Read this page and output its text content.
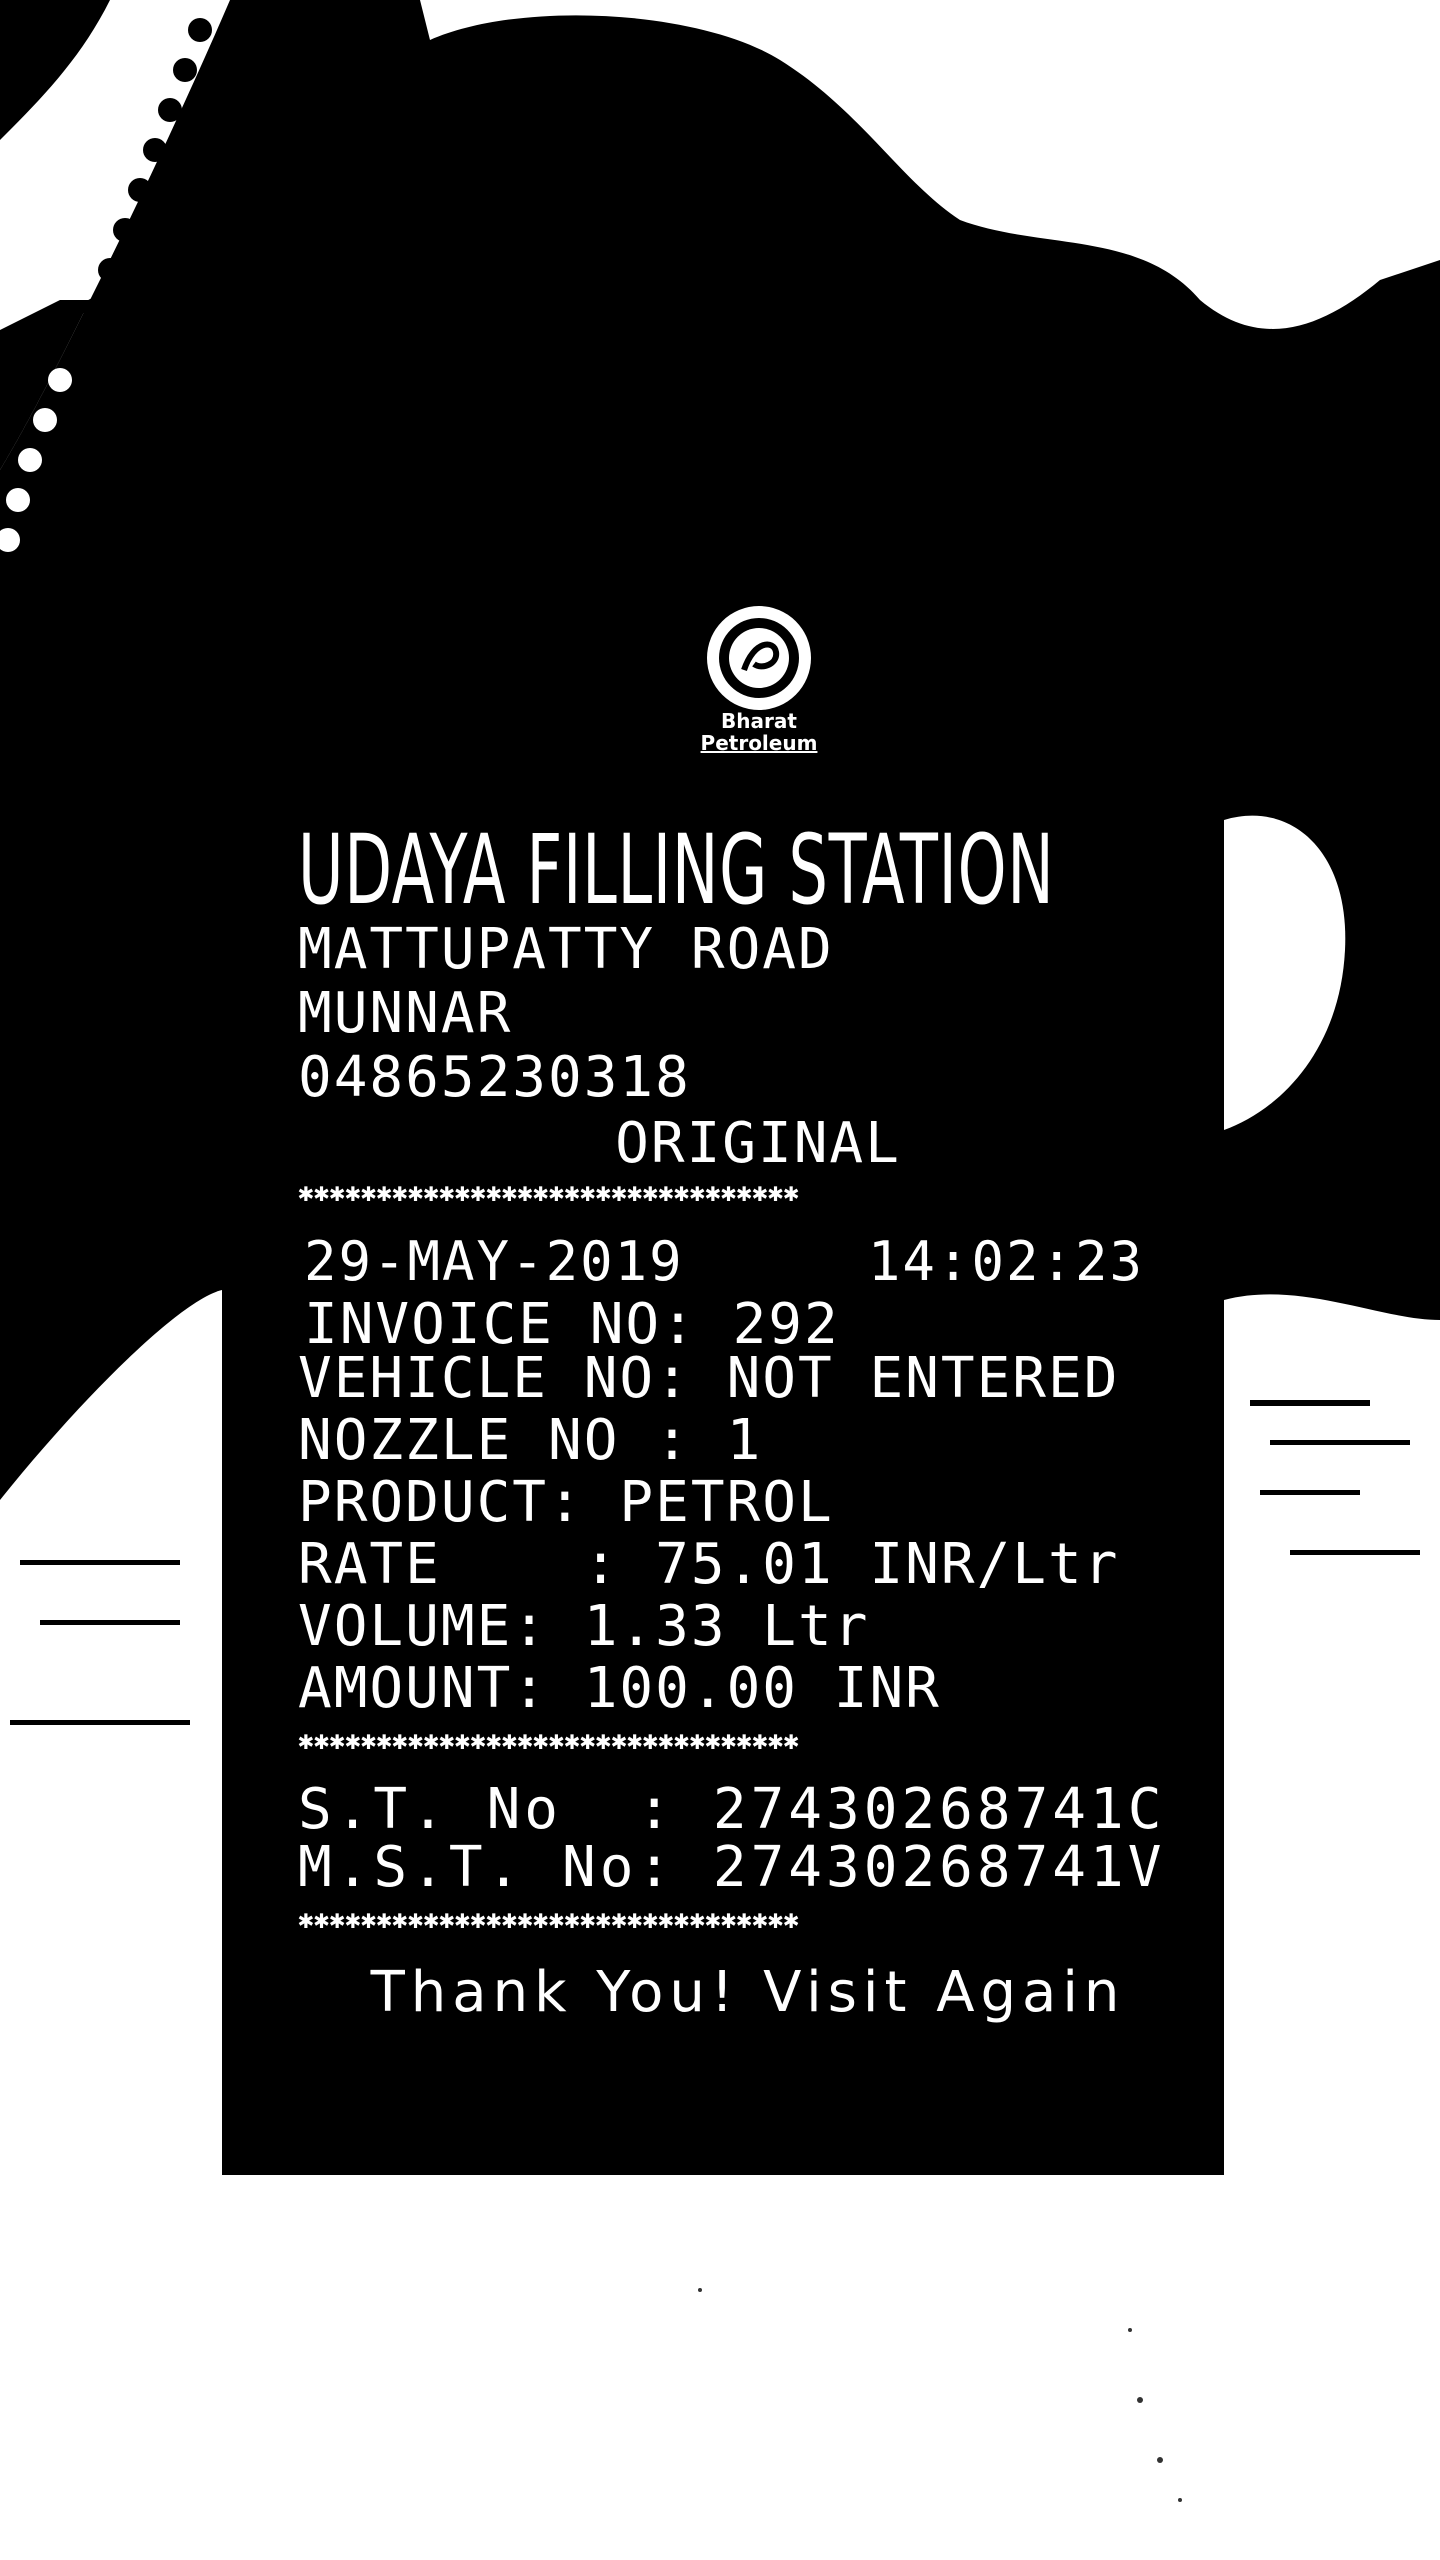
Bharat
Petroleum
UDAYA FILLING STATION
MATTUPATTY ROAD
MUNNAR
04865230318
ORIGINAL
✱✱✱✱✱✱✱✱✱✱✱✱✱✱✱✱✱✱✱✱✱✱✱✱✱✱✱✱✱✱✱✱
29-MAY-2019	14:02:23
INVOICE NO: 292
VEHICLE NO: NOT ENTERED
NOZZLE NO : 1
PRODUCT: PETROL
RATE    : 75.01 INR/Ltr
VOLUME: 1.33 Ltr
AMOUNT: 100.00 INR
✱✱✱✱✱✱✱✱✱✱✱✱✱✱✱✱✱✱✱✱✱✱✱✱✱✱✱✱✱✱✱✱
S.T. No  : 27430268741C
M.S.T. No: 27430268741V
✱✱✱✱✱✱✱✱✱✱✱✱✱✱✱✱✱✱✱✱✱✱✱✱✱✱✱✱✱✱✱✱
Thank You! Visit Again
